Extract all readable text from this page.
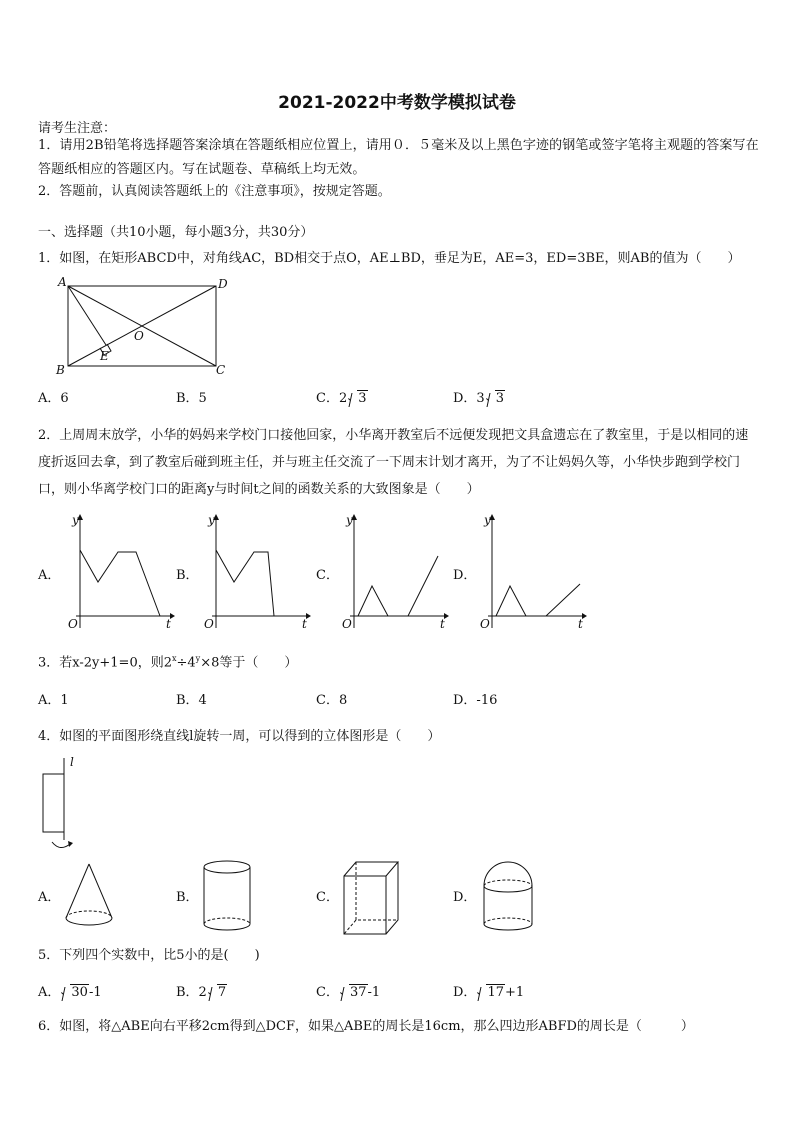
2021-2022中考数学模拟试卷
请考生注意：
1．请用2B铅笔将选择题答案涂填在答题纸相应位置上，请用０．５毫米及以上黑色字迹的钢笔或签字笔将主观题的答案写在答题纸相应的答题区内。写在试题卷、草稿纸上均无效。
2．答题前，认真阅读答题纸上的《注意事项》，按规定答题。
一、选择题（共10小题，每小题3分，共30分）
1．如图，在矩形ABCD中，对角线AC，BD相交于点O，AE⊥BD，垂足为E，AE=3，ED=3BE，则AB的值为（　　）
A	D
B	C
O
E
A．6	B．5	C．2 3	D．3 3
2．上周周末放学，小华的妈妈来学校门口接他回家，小华离开教室后不远便发现把文具盒遗忘在了教室里，于是以相同的速度折返回去拿，到了教室后碰到班主任，并与班主任交流了一下周末计划才离开，为了不让妈妈久等，小华快步跑到学校门口，则小华离学校门口的距离y与时间t之间的函数关系的大致图象是（　　）
A．
y
t
O
B．
y
t
O
C．
y
t
O
D．
y
t
O
3．若x-2y+1=0，则$2^x\div 4^y\times 8$等于（　　）
A．1	B．4	C．8	D．-16
4．如图的平面图形绕直线l旋转一周，可以得到的立体图形是（　　）
l
A．	B．	C．	D．
5．下列四个实数中，比5小的是(　　)
A． 30-1	B．2 7	C． 37-1	D． 17+1
6．如图，将△ABE向右平移2cm得到△DCF，如果△ABE的周长是16cm，那么四边形ABFD的周长是（　　　）
